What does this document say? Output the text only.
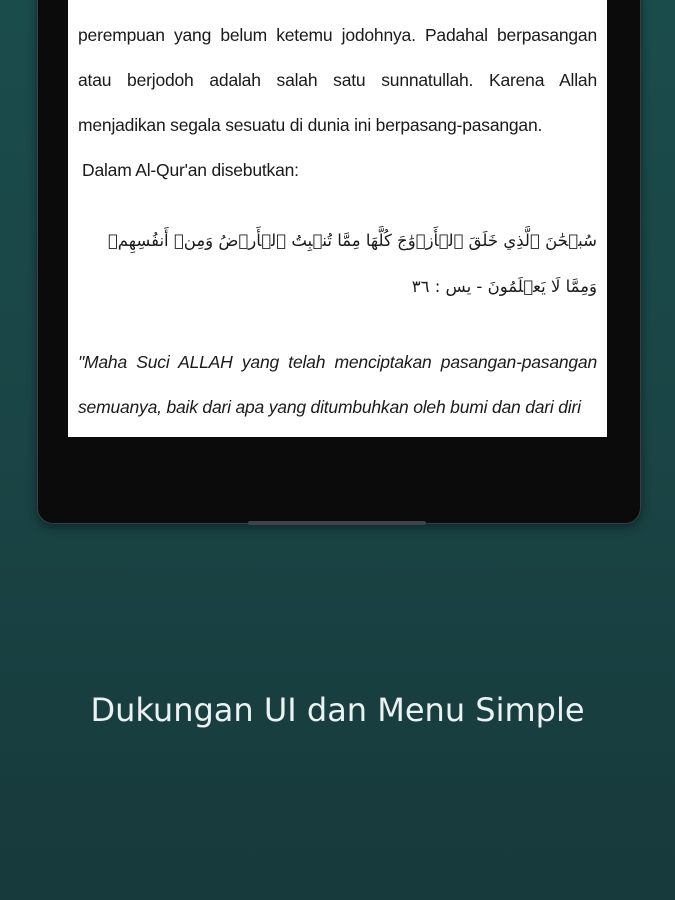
perempuan yang belum ketemu jodohnya. Padahal berpasangan atau berjodoh adalah salah satu sunnatullah. Karena Allah menjadikan segala sesuatu di dunia ini berpasang-pasangan.

Dalam Al-Qur'an disebutkan:

سُبۡحَٰنَ ٱلَّذِي خَلَقَ ٱلۡأَزۡوَٰجَ كُلَّهَا مِمَّا تُنۢبِتُ ٱلۡأَرۡضُ وَمِنۡ أَنفُسِهِمۡ وَمِمَّا لَا يَعۡلَمُونَ - يس : ٣٦

"Maha Suci ALLAH yang telah menciptakan pasangan-pasangan semuanya, baik dari apa yang ditumbuhkan oleh bumi dan dari diri

Dukungan UI dan Menu Simple
